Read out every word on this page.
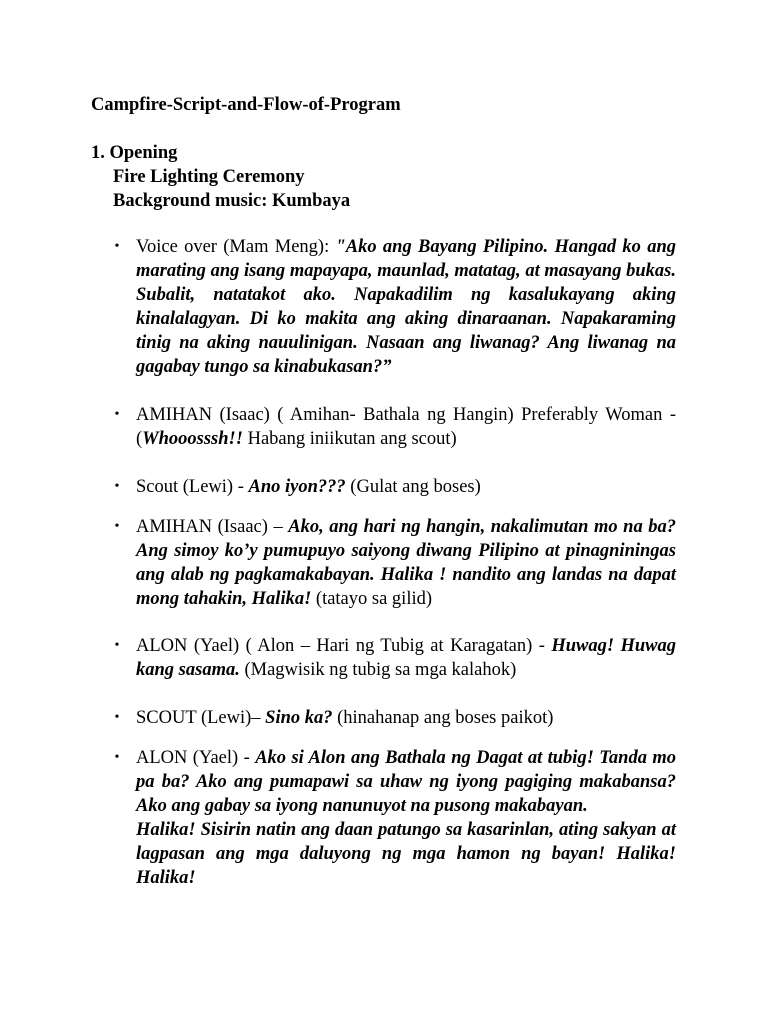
Campfire-Script-and-Flow-of-Program
1. Opening
Fire Lighting Ceremony
Background music: Kumbaya
• Voice over (Mam Meng): "Ako ang Bayang Pilipino. Hangad ko ang marating ang isang mapayapa, maunlad, matatag, at masayang bukas. Subalit, natatakot ako. Napakadilim ng kasalukayang aking kinalalagyan. Di ko makita ang aking dinaraanan. Napakaraming tinig na aking nauulinigan. Nasaan ang liwanag? Ang liwanag na gagabay tungo sa kinabukasan?”
• AMIHAN (Isaac) ( Amihan- Bathala ng Hangin) Preferably Woman - (Whooosssh!! Habang iniikutan ang scout)
• Scout (Lewi) - Ano iyon??? (Gulat ang boses)
• AMIHAN (Isaac) – Ako, ang hari ng hangin, nakalimutan mo na ba? Ang simoy ko’y pumupuyo saiyong diwang Pilipino at pinagniningas ang alab ng pagkamakabayan. Halika ! nandito ang landas na dapat mong tahakin, Halika! (tatayo sa gilid)
• ALON (Yael) ( Alon – Hari ng Tubig at Karagatan) - Huwag! Huwag kang sasama. (Magwisik ng tubig sa mga kalahok)
• SCOUT (Lewi)– Sino ka? (hinahanap ang boses paikot)
• ALON (Yael) - Ako si Alon ang Bathala ng Dagat at tubig! Tanda mo pa ba? Ako ang pumapawi sa uhaw ng iyong pagiging makabansa? Ako ang gabay sa iyong nanunuyot na pusong makabayan.
Halika! Sisirin natin ang daan patungo sa kasarinlan, ating sakyan at lagpasan ang mga daluyong ng mga hamon ng bayan! Halika! Halika!
